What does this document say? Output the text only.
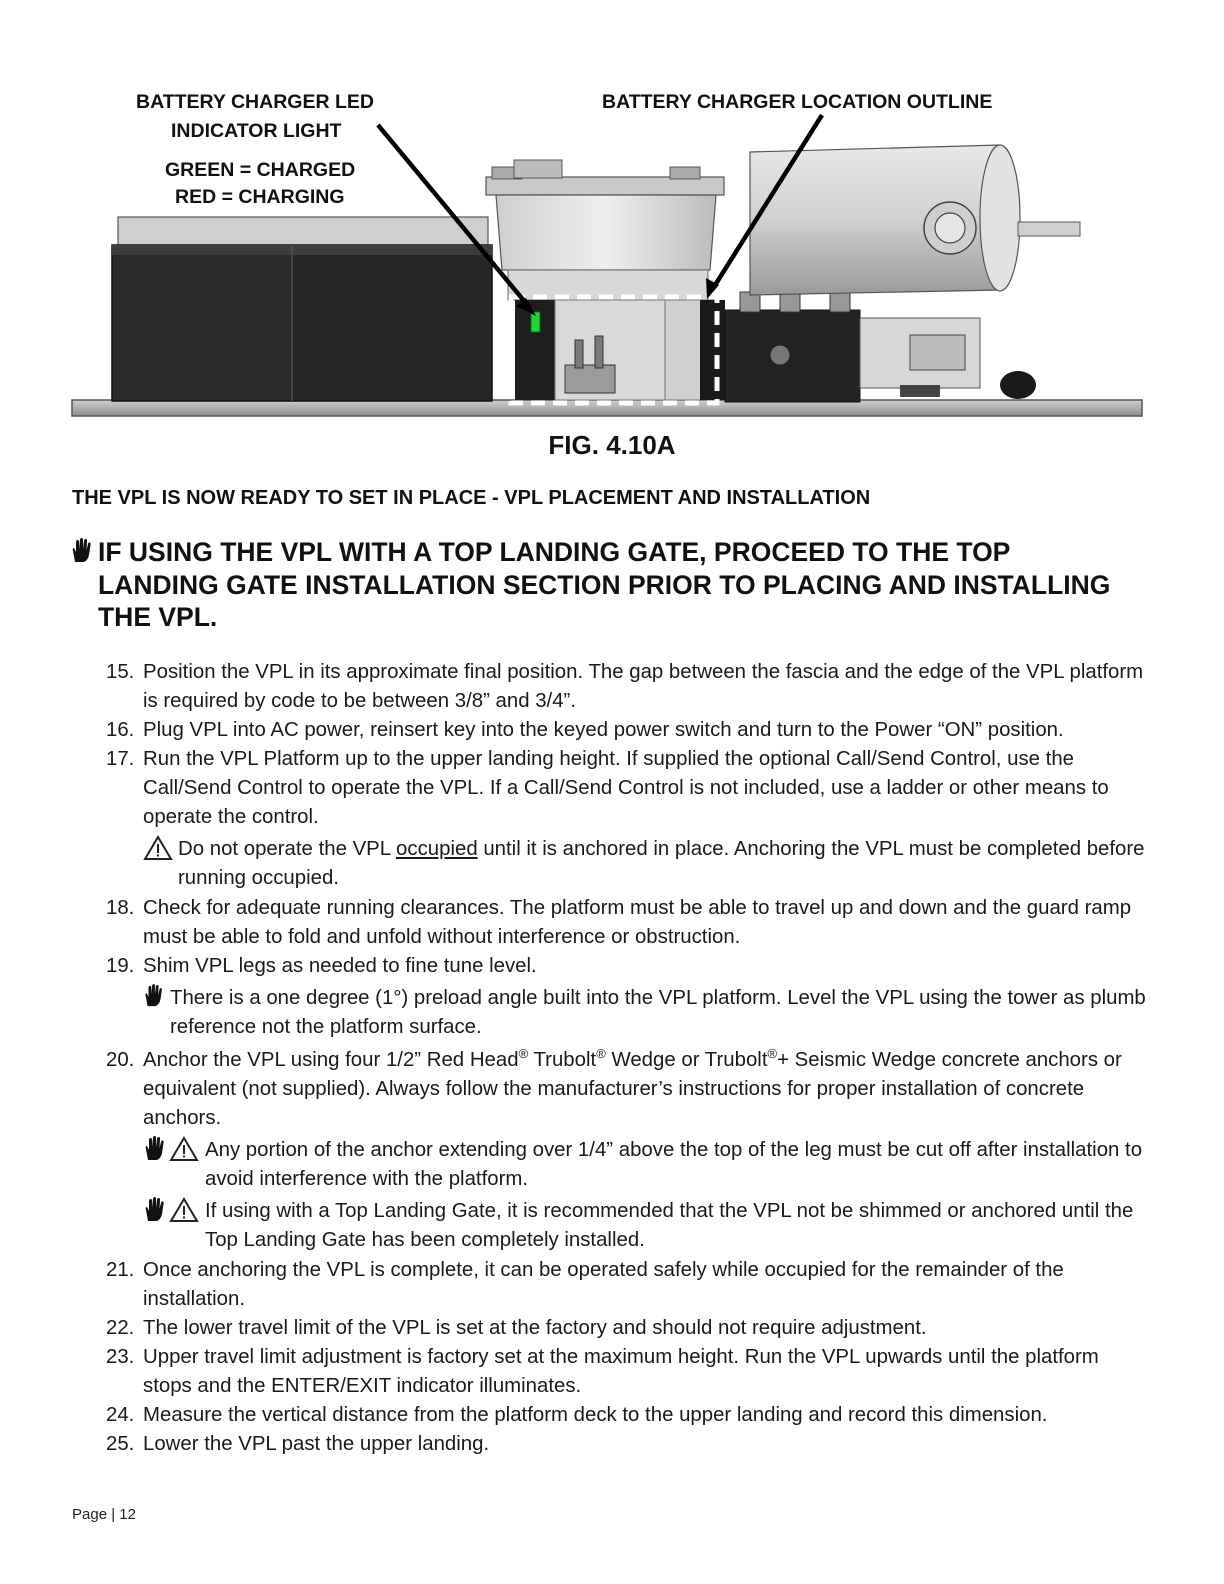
BATTERY CHARGER LED
INDICATOR LIGHT
GREEN = CHARGED
RED = CHARGING
BATTERY CHARGER LOCATION OUTLINE
FIG. 4.10A
THE VPL IS NOW READY TO SET IN PLACE - VPL PLACEMENT AND INSTALLATION
IF USING THE VPL WITH A TOP LANDING GATE, PROCEED TO THE TOP LANDING GATE INSTALLATION SECTION PRIOR TO PLACING AND INSTALLING THE VPL.
15. Position the VPL in its approximate final position. The gap between the fascia and the edge of the VPL platform is required by code to be between 3/8” and 3/4”.
16. Plug VPL into AC power, reinsert key into the keyed power switch and turn to the Power “ON” position.
17. Run the VPL Platform up to the upper landing height. If supplied the optional Call/Send Control, use the Call/Send Control to operate the VPL. If a Call/Send Control is not included, use a ladder or other means to operate the control.
Do not operate the VPL occupied until it is anchored in place. Anchoring the VPL must be completed before running occupied.
18. Check for adequate running clearances. The platform must be able to travel up and down and the guard ramp must be able to fold and unfold without interference or obstruction.
19. Shim VPL legs as needed to fine tune level.
There is a one degree (1°) preload angle built into the VPL platform. Level the VPL using the tower as plumb reference not the platform surface.
20. Anchor the VPL using four 1/2” Red Head® Trubolt® Wedge or Trubolt®+ Seismic Wedge concrete anchors or equivalent (not supplied). Always follow the manufacturer’s instructions for proper installation of concrete anchors.
Any portion of the anchor extending over 1/4” above the top of the leg must be cut off after installation to avoid interference with the platform.
If using with a Top Landing Gate, it is recommended that the VPL not be shimmed or anchored until the Top Landing Gate has been completely installed.
21. Once anchoring the VPL is complete, it can be operated safely while occupied for the remainder of the installation.
22. The lower travel limit of the VPL is set at the factory and should not require adjustment.
23. Upper travel limit adjustment is factory set at the maximum height. Run the VPL upwards until the platform stops and the ENTER/EXIT indicator illuminates.
24. Measure the vertical distance from the platform deck to the upper landing and record this dimension.
25. Lower the VPL past the upper landing.
Page | 12
